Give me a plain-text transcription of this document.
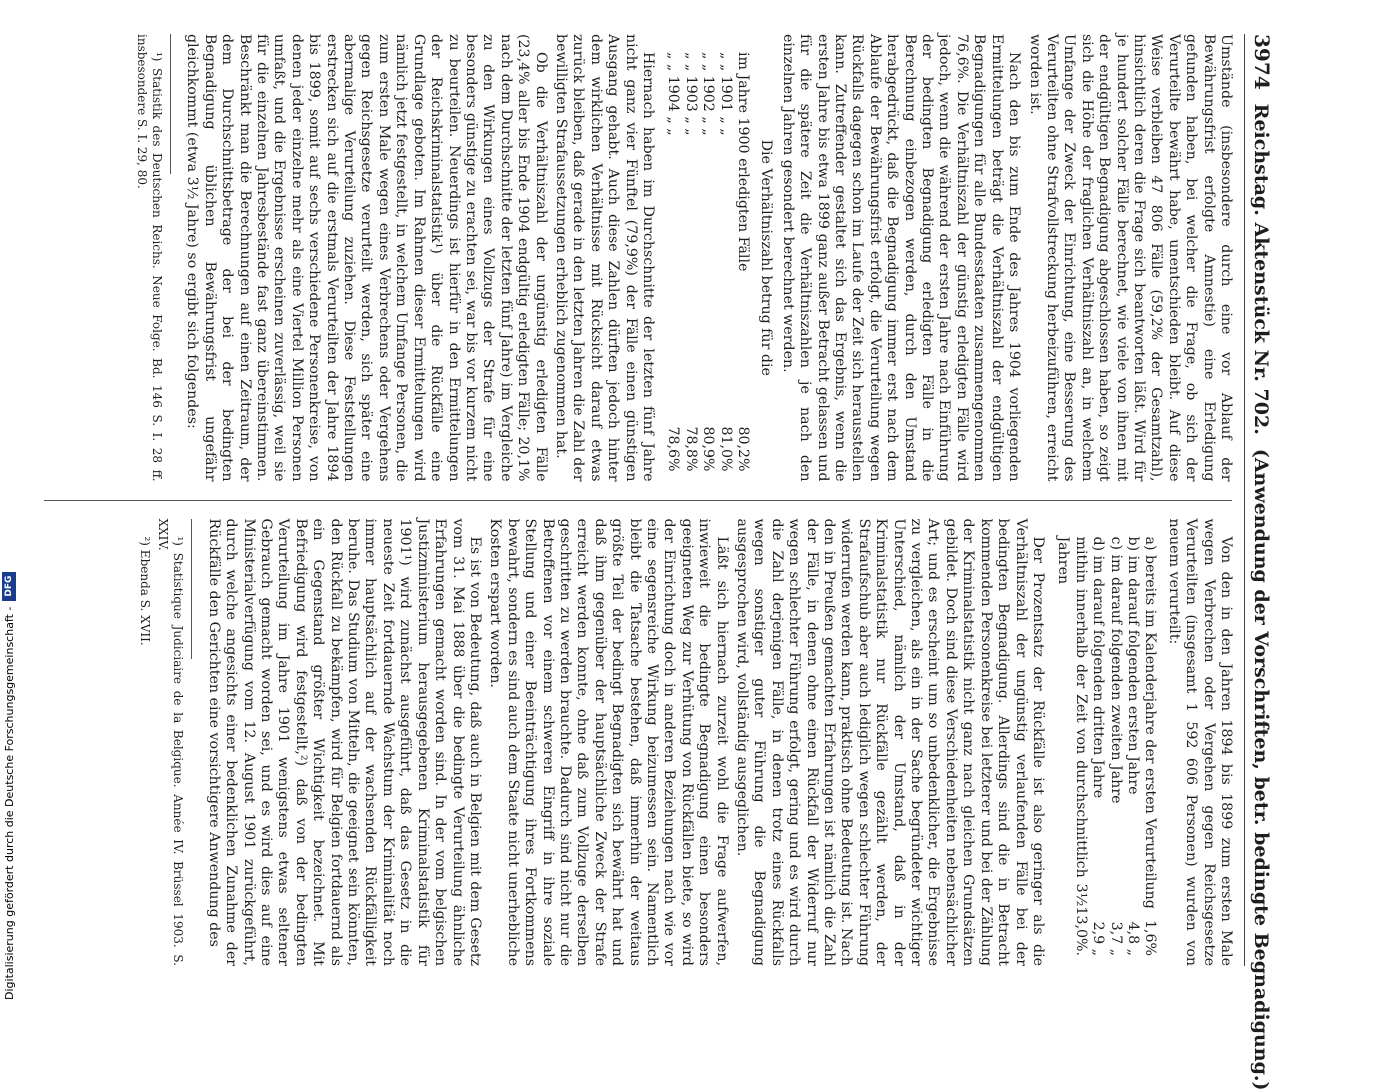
3974
Reichstag. Aktenstück Nr. 702.
(Anwendung der Vorschriften, betr. bedingte Begnadigung.)

Umstände (insbesondere durch eine vor Ablauf der Bewährungsfrist erfolgte Amnestie) eine Erledigung gefunden haben, bei welcher die Frage, ob sich der Verurteilte bewährt habe, unentschieden bleibt. Auf diese Weise verbleiben 47 806 Fälle (59,2% der Gesamtzahl), hinsichtlich deren die Frage sich beantworten läßt. Wird für je hundert solcher Fälle berechnet, wie viele von ihnen mit der endgültigen Begnadigung abgeschlossen haben, so zeigt sich die Höhe der fraglichen Verhältniszahl an, in welchem Umfange der Zweck der Einrichtung, eine Besserung des Verurteilten ohne Strafvollstreckung herbeizuführen, erreicht worden ist.

Nach den bis zum Ende des Jahres 1904 vorliegenden Ermittelungen beträgt die Verhältniszahl der endgültigen Begnadigungen für alle Bundesstaaten zusammengenommen 76,6%. Die Verhältniszahl der günstig erledigten Fälle wird jedoch, wenn die während der ersten Jahre nach Einführung der bedingten Begnadigung erledigten Fälle in die Berechnung einbezogen werden, durch den Umstand herabgedrückt, daß die Begnadigung immer erst nach dem Ablaufe der Bewährungsfrist erfolgt, die Verurteilung wegen Rückfalls dagegen schon im Laufe der Zeit sich herausstellen kann. Zutreffender gestaltet sich das Ergebnis, wenn die ersten Jahre bis etwa 1899 ganz außer Betracht gelassen und für die spätere Zeit die Verhältniszahlen je nach den einzelnen Jahren gesondert berechnet werden.

Die Verhältniszahl betrug für die

im Jahre 1900 erledigten Fälle
80,2%
„ „ 1901 „ „
81,0%
„ „ 1902 „ „
80,9%
„ „ 1903 „ „
78,8%
„ „ 1904 „ „
78,6%

Hiernach haben im Durchschnitte der letzten fünf Jahre nicht ganz vier Fünftel (79,9%) der Fälle einen günstigen Ausgang gehabt. Auch diese Zahlen dürften jedoch hinter dem wirklichen Verhältnisse mit Rücksicht darauf etwas zurück bleiben, daß gerade in den letzten Jahren die Zahl der bewilligten Strafaussetzungen erheblich zugenommen hat.

Ob die Verhältniszahl der ungünstig erledigten Fälle (23,4% aller bis Ende 1904 endgültig erledigten Fälle; 20,1% nach dem Durchschnitte der letzten fünf Jahre) im Vergleiche zu den Wirkungen eines Vollzugs der Strafe für eine besonders günstige zu erachten sei, war bis vor kurzem nicht zu beurteilen. Neuerdings ist hierfür in den Ermittelungen der Reichskriminalstatistik¹) über die Rückfälle eine Grundlage geboten. Im Rahmen dieser Ermittelungen wird nämlich jetzt festgestellt, in welchem Umfange Personen, die zum ersten Male wegen eines Verbrechens oder Vergehens gegen Reichsgesetze verurteilt werden, sich später eine abermalige Verurteilung zuziehen. Diese Feststellungen erstrecken sich auf die erstmals Verurteilten der Jahre 1894 bis 1899, somit auf sechs verschiedene Personenkreise, von denen jeder einzelne mehr als eine Viertel Million Personen umfaßt, und die Ergebnisse erscheinen zuverlässig, weil sie für die einzelnen Jahresbestände fast ganz übereinstimmen. Beschränkt man die Berechnungen auf einen Zeitraum, der dem Durchschnittsbetrage der bei der bedingten Begnadigung üblichen Bewährungsfrist ungefähr gleichkommt (etwa 3½ Jahre) so ergibt sich folgendes:

¹) Statistik des Deutschen Reichs. Neue Folge. Bd. 146 S. I. 28 ff. insbesondere S. I. 29, 80.

Von den in den Jahren 1894 bis 1899 zum ersten Male wegen Verbrechen oder Vergehen gegen Reichsgesetze Verurteilten (insgesamt 1 592 606 Personen) wurden von neuem verurteilt:

a) bereits im Kalenderjahre der ersten Verurteilung
1,6%
b) im darauf folgenden ersten Jahre
4,8 „
c) im darauf folgenden zweiten Jahre
3,7 „
d) im darauf folgenden dritten Jahre
2,9 „
mithin innerhalb der Zeit von durchschnittlich 3½ Jahren
13,0%.

Der Prozentsatz der Rückfälle ist also geringer als die Verhältniszahl der ungünstig verlaufenden Fälle bei der bedingten Begnadigung. Allerdings sind die in Betracht kommenden Personenkreise bei letzterer und bei der Zählung der Kriminalstatistik nicht ganz nach gleichen Grundsätzen gebildet. Doch sind diese Verschiedenheiten nebensächlicher Art; und es erscheint um so unbedenklicher, die Ergebnisse zu vergleichen, als ein in der Sache begründeter wichtiger Unterschied, nämlich der Umstand, daß in der Kriminalstatistik nur Rückfälle gezählt werden, der Strafaufschub aber auch lediglich wegen schlechter Führung widerrufen werden kann, praktisch ohne Bedeutung ist. Nach den in Preußen gemachten Erfahrungen ist nämlich die Zahl der Fälle, in denen ohne einen Rückfall der Widerruf nur wegen schlechter Führung erfolgt, gering und es wird durch die Zahl derjenigen Fälle, in denen trotz eines Rückfalls wegen sonstiger guter Führung die Begnadigung ausgesprochen wird, vollständig ausgeglichen.

Läßt sich hiernach zurzeit wohl die Frage aufwerfen, inwieweit die bedingte Begnadigung einen besonders geeigneten Weg zur Verhütung von Rückfällen biete, so wird der Einrichtung doch in anderen Beziehungen nach wie vor eine segensreiche Wirkung beizumessen sein. Namentlich bleibt die Tatsache bestehen, daß immerhin der weitaus größte Teil der bedingt Begnadigten sich bewährt hat und daß ihm gegenüber der hauptsächliche Zweck der Strafe erreicht werden konnte, ohne daß zum Vollzuge derselben geschritten zu werden brauchte. Dadurch sind nicht nur die Betroffenen vor einem schweren Eingriff in ihre soziale Stellung und einer Beeinträchtigung ihres Fortkommens bewahrt, sondern es sind auch dem Staate nicht unerhebliche Kosten erspart worden.

Es ist von Bedeutung, daß auch in Belgien mit dem Gesetz vom 31. Mai 1888 über die bedingte Verurteilung ähnliche Erfahrungen gemacht worden sind. In der vom belgischen Justizministerium herausgegebenen Kriminalstatistik für 1901¹) wird zunächst ausgeführt, daß das Gesetz in die neueste Zeit fortdauernde Wachstum der Kriminalität noch immer hauptsächlich auf der wachsenden Rückfälligkeit beruhe. Das Studium von Mitteln, die geeignet sein könnten, den Rückfall zu bekämpfen, wird für Belgien fortdauernd als ein Gegenstand größter Wichtigkeit bezeichnet. Mit Befriedigung wird festgestellt,²) daß von der bedingten Verurteilung im Jahre 1901 wenigstens etwas seltener Gebrauch gemacht worden sei, und es wird dies auf eine Ministerialverfügung vom 12. August 1901 zurückgeführt, durch welche angesichts einer bedenklichen Zunahme der Rückfälle den Gerichten eine vorsichtigere Anwendung des

¹) Statistique Judiciaire de la Belgique. Année IV. Brüssel 1903. S. XXIV.

²) Ebenda S. XVII.

Digitalisierung gefördert durch die Deutsche Forschungsgemeinschaft -
DFG
